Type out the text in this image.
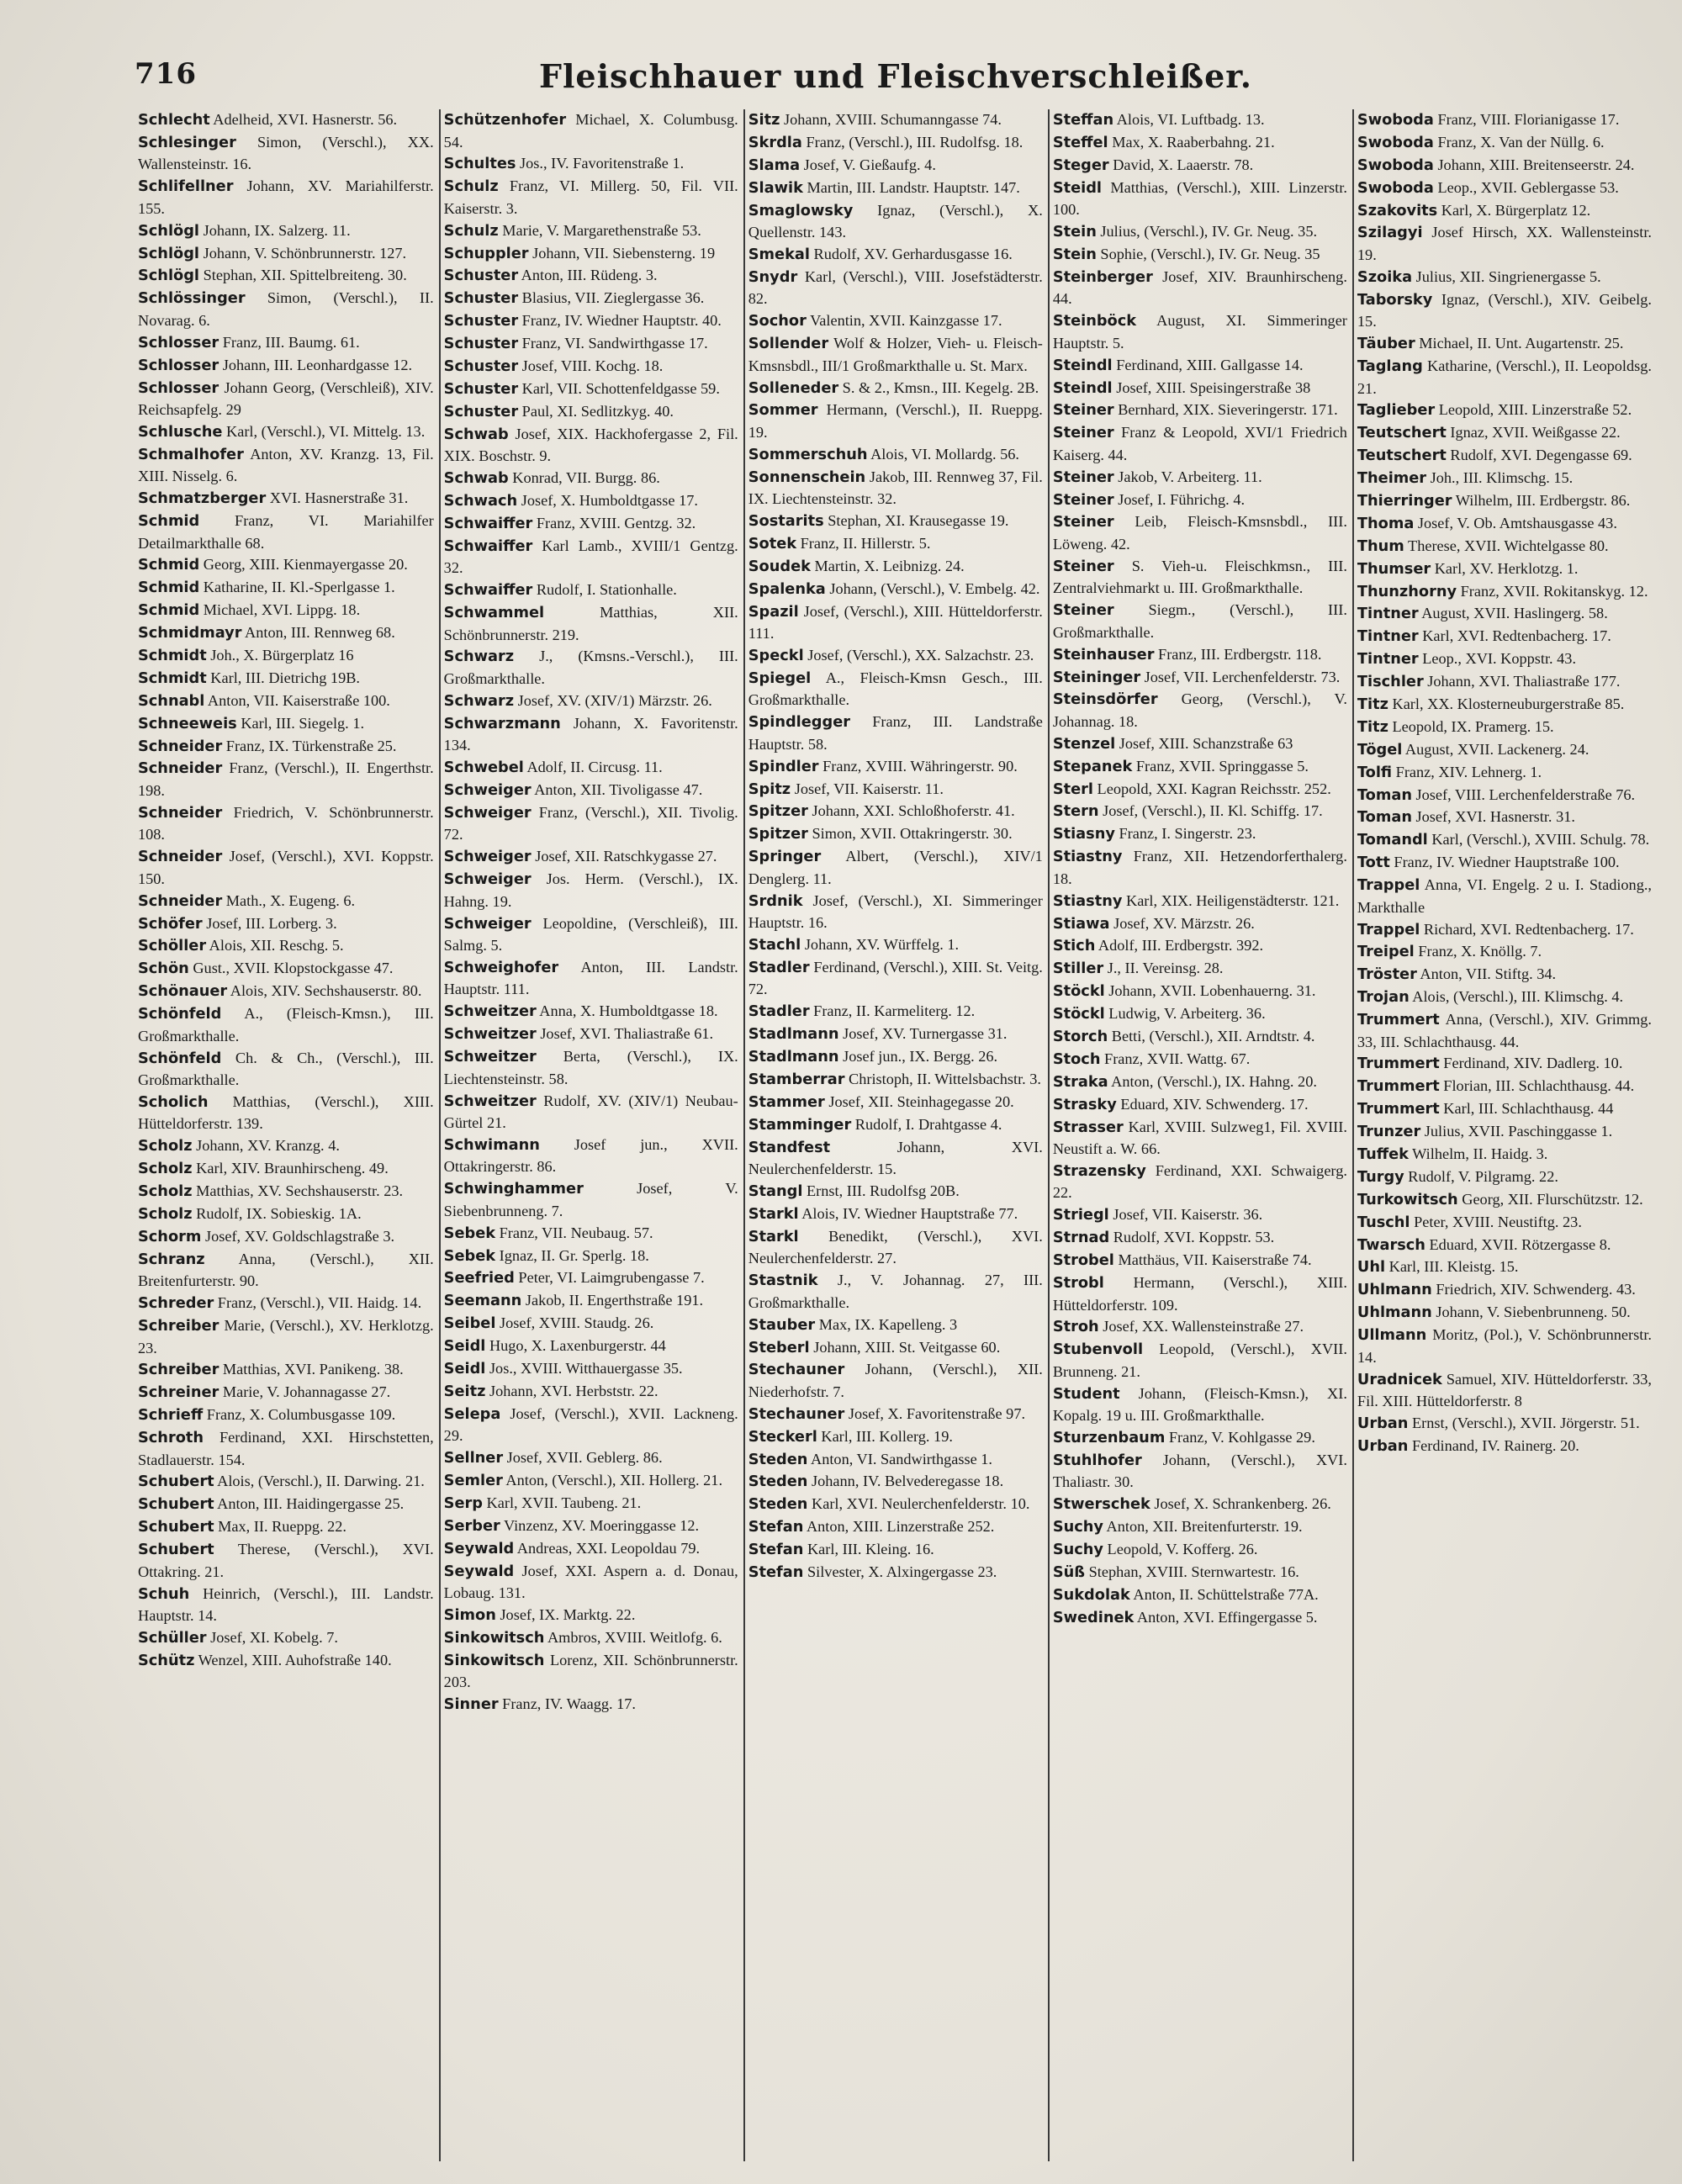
716	Fleischhauer und Fleischverschleißer.
Schlecht Adelheid, XVI. Hasnerstr. 56.
Schlesinger Simon, (Verschl.), XX. Wallensteinstr. 16.
Schlifellner Johann, XV. Mariahilferstr. 155.
Schlögl Johann, IX. Salzerg. 11.
Schlögl Johann, V. Schönbrunnerstr. 127.
Schlögl Stephan, XII. Spittelbreiteng. 30.
Schlössinger Simon, (Verschl.), II. Novarag. 6.
Schlosser Franz, III. Baumg. 61.
Schlosser Johann, III. Leonhardgasse 12.
Schlosser Johann Georg, (Verschleiß), XIV. Reichsapfelg. 29
Schlusche Karl, (Verschl.), VI. Mittelg. 13.
Schmalhofer Anton, XV. Kranzg. 13, Fil. XIII. Nisselg. 6.
Schmatzberger XVI. Hasnerstraße 31.
Schmid Franz, VI. Mariahilfer Detailmarkthalle 68.
Schmid Georg, XIII. Kienmayergasse 20.
Schmid Katharine, II. Kl.-Sperlgasse 1.
Schmid Michael, XVI. Lippg. 18.
Schmidmayr Anton, III. Rennweg 68.
Schmidt Joh., X. Bürgerplatz 16
Schmidt Karl, III. Dietrichg 19B.
Schnabl Anton, VII. Kaiserstraße 100.
Schneeweis Karl, III. Siegelg. 1.
Schneider Franz, IX. Türkenstraße 25.
Schneider Franz, (Verschl.), II. Engerthstr. 198.
Schneider Friedrich, V. Schönbrunnerstr. 108.
Schneider Josef, (Verschl.), XVI. Koppstr. 150.
Schneider Math., X. Eugeng. 6.
Schöfer Josef, III. Lorberg. 3.
Schöller Alois, XII. Reschg. 5.
Schön Gust., XVII. Klopstockgasse 47.
Schönauer Alois, XIV. Sechshauserstr. 80.
Schönfeld A., (Fleisch-Kmsn.), III. Großmarkthalle.
Schönfeld Ch. & Ch., (Verschl.), III. Großmarkthalle.
Scholich Matthias, (Verschl.), XIII. Hütteldorferstr. 139.
Scholz Johann, XV. Kranzg. 4.
Scholz Karl, XIV. Braunhirscheng. 49.
Scholz Matthias, XV. Sechshauserstr. 23.
Scholz Rudolf, IX. Sobieskig. 1A.
Schorm Josef, XV. Goldschlagstraße 3.
Schranz Anna, (Verschl.), XII. Breitenfurterstr. 90.
Schreder Franz, (Verschl.), VII. Haidg. 14.
Schreiber Marie, (Verschl.), XV. Herklotzg. 23.
Schreiber Matthias, XVI. Panikeng. 38.
Schreiner Marie, V. Johannagasse 27.
Schrieff Franz, X. Columbusgasse 109.
Schroth Ferdinand, XXI. Hirschstetten, Stadlauerstr. 154.
Schubert Alois, (Verschl.), II. Darwing. 21.
Schubert Anton, III. Haidingergasse 25.
Schubert Max, II. Rueppg. 22.
Schubert Therese, (Verschl.), XVI. Ottakring. 21.
Schuh Heinrich, (Verschl.), III. Landstr. Hauptstr. 14.
Schüller Josef, XI. Kobelg. 7.
Schütz Wenzel, XIII. Auhofstraße 140.
Schützenhofer Michael, X. Columbusg. 54.
Schultes Jos., IV. Favoritenstraße 1.
Schulz Franz, VI. Millerg. 50, Fil. VII. Kaiserstr. 3.
Schulz Marie, V. Margarethenstraße 53.
Schuppler Johann, VII. Siebensterng. 19
Schuster Anton, III. Rüdeng. 3.
Schuster Blasius, VII. Zieglergasse 36.
Schuster Franz, IV. Wiedner Hauptstr. 40.
Schuster Franz, VI. Sandwirthgasse 17.
Schuster Josef, VIII. Kochg. 18.
Schuster Karl, VII. Schottenfeldgasse 59.
Schuster Paul, XI. Sedlitzkyg. 40.
Schwab Josef, XIX. Hackhofergasse 2, Fil. XIX. Boschstr. 9.
Schwab Konrad, VII. Burgg. 86.
Schwach Josef, X. Humboldtgasse 17.
Schwaiffer Franz, XVIII. Gentzg. 32.
Schwaiffer Karl Lamb., XVIII/1 Gentzg. 32.
Schwaiffer Rudolf, I. Stationhalle.
Schwammel Matthias, XII. Schönbrunnerstr. 219.
Schwarz J., (Kmsns.-Verschl.), III. Großmarkthalle.
Schwarz Josef, XV. (XIV/1) Märzstr. 26.
Schwarzmann Johann, X. Favoritenstr. 134.
Schwebel Adolf, II. Circusg. 11.
Schweiger Anton, XII. Tivoligasse 47.
Schweiger Franz, (Verschl.), XII. Tivolig. 72.
Schweiger Josef, XII. Ratschkygasse 27.
Schweiger Jos. Herm. (Verschl.), IX. Hahng. 19.
Schweiger Leopoldine, (Verschleiß), III. Salmg. 5.
Schweighofer Anton, III. Landstr. Hauptstr. 111.
Schweitzer Anna, X. Humboldtgasse 18.
Schweitzer Josef, XVI. Thaliastraße 61.
Schweitzer Berta, (Verschl.), IX. Liechtensteinstr. 58.
Schweitzer Rudolf, XV. (XIV/1) Neubau-Gürtel 21.
Schwimann Josef jun., XVII. Ottakringerstr. 86.
Schwinghammer Josef, V. Siebenbrunneng. 7.
Sebek Franz, VII. Neubaug. 57.
Sebek Ignaz, II. Gr. Sperlg. 18.
Seefried Peter, VI. Laimgrubengasse 7.
Seemann Jakob, II. Engerthstraße 191.
Seibel Josef, XVIII. Staudg. 26.
Seidl Hugo, X. Laxenburgerstr. 44
Seidl Jos., XVIII. Witthauergasse 35.
Seitz Johann, XVI. Herbststr. 22.
Selepa Josef, (Verschl.), XVII. Lackneng. 29.
Sellner Josef, XVII. Geblerg. 86.
Semler Anton, (Verschl.), XII. Hollerg. 21.
Serp Karl, XVII. Taubeng. 21.
Serber Vinzenz, XV. Moeringgasse 12.
Seywald Andreas, XXI. Leopoldau 79.
Seywald Josef, XXI. Aspern a. d. Donau, Lobaug. 131.
Simon Josef, IX. Marktg. 22.
Sinkowitsch Ambros, XVIII. Weitlofg. 6.
Sinkowitsch Lorenz, XII. Schönbrunnerstr. 203.
Sinner Franz, IV. Waagg. 17.
Sitz Johann, XVIII. Schumanngasse 74.
Skrdla Franz, (Verschl.), III. Rudolfsg. 18.
Slama Josef, V. Gießaufg. 4.
Slawik Martin, III. Landstr. Hauptstr. 147.
Smaglowsky Ignaz, (Verschl.), X. Quellenstr. 143.
Smekal Rudolf, XV. Gerhardusgasse 16.
Snydr Karl, (Verschl.), VIII. Josefstädterstr. 82.
Sochor Valentin, XVII. Kainzgasse 17.
Sollender Wolf & Holzer, Vieh- u. Fleisch-Kmsnsbdl., III/1 Großmarkthalle u. St. Marx.
Solleneder S. & 2., Kmsn., III. Kegelg. 2B.
Sommer Hermann, (Verschl.), II. Rueppg. 19.
Sommerschuh Alois, VI. Mollardg. 56.
Sonnenschein Jakob, III. Rennweg 37, Fil. IX. Liechtensteinstr. 32.
Sostarits Stephan, XI. Krausegasse 19.
Sotek Franz, II. Hillerstr. 5.
Soudek Martin, X. Leibnizg. 24.
Spalenka Johann, (Verschl.), V. Embelg. 42.
Spazil Josef, (Verschl.), XIII. Hütteldorferstr. 111.
Speckl Josef, (Verschl.), XX. Salzachstr. 23.
Spiegel A., Fleisch-Kmsn Gesch., III. Großmarkthalle.
Spindlegger Franz, III. Landstraße Hauptstr. 58.
Spindler Franz, XVIII. Währingerstr. 90.
Spitz Josef, VII. Kaiserstr. 11.
Spitzer Johann, XXI. Schloßhoferstr. 41.
Spitzer Simon, XVII. Ottakringerstr. 30.
Springer Albert, (Verschl.), XIV/1 Denglerg. 11.
Srdnik Josef, (Verschl.), XI. Simmeringer Hauptstr. 16.
Stachl Johann, XV. Würffelg. 1.
Stadler Ferdinand, (Verschl.), XIII. St. Veitg. 72.
Stadler Franz, II. Karmeliterg. 12.
Stadlmann Josef, XV. Turnergasse 31.
Stadlmann Josef jun., IX. Bergg. 26.
Stamberrar Christoph, II. Wittelsbachstr. 3.
Stammer Josef, XII. Steinhagegasse 20.
Stamminger Rudolf, I. Drahtgasse 4.
Standfest Johann, XVI. Neulerchenfelderstr. 15.
Stangl Ernst, III. Rudolfsg 20B.
Starkl Alois, IV. Wiedner Hauptstraße 77.
Starkl Benedikt, (Verschl.), XVI. Neulerchenfelderstr. 27.
Stastnik J., V. Johannag. 27, III. Großmarkthalle.
Stauber Max, IX. Kapelleng. 3
Steberl Johann, XIII. St. Veitgasse 60.
Stechauner Johann, (Verschl.), XII. Niederhofstr. 7.
Stechauner Josef, X. Favoritenstraße 97.
Steckerl Karl, III. Kollerg. 19.
Steden Anton, VI. Sandwirthgasse 1.
Steden Johann, IV. Belvederegasse 18.
Steden Karl, XVI. Neulerchenfelderstr. 10.
Stefan Anton, XIII. Linzerstraße 252.
Stefan Karl, III. Kleing. 16.
Stefan Silvester, X. Alxingergasse 23.
Steffan Alois, VI. Luftbadg. 13.
Steffel Max, X. Raaberbahng. 21.
Steger David, X. Laaerstr. 78.
Steidl Matthias, (Verschl.), XIII. Linzerstr. 100.
Stein Julius, (Verschl.), IV. Gr. Neug. 35.
Stein Sophie, (Verschl.), IV. Gr. Neug. 35
Steinberger Josef, XIV. Braunhirscheng. 44.
Steinböck August, XI. Simmeringer Hauptstr. 5.
Steindl Ferdinand, XIII. Gallgasse 14.
Steindl Josef, XIII. Speisingerstraße 38
Steiner Bernhard, XIX. Sieveringerstr. 171.
Steiner Franz & Leopold, XVI/1 Friedrich Kaiserg. 44.
Steiner Jakob, V. Arbeiterg. 11.
Steiner Josef, I. Führichg. 4.
Steiner Leib, Fleisch-Kmsnsbdl., III. Löweng. 42.
Steiner S. Vieh-u. Fleischkmsn., III. Zentralviehmarkt u. III. Großmarkthalle.
Steiner Siegm., (Verschl.), III. Großmarkthalle.
Steinhauser Franz, III. Erdbergstr. 118.
Steininger Josef, VII. Lerchenfelderstr. 73.
Steinsdörfer Georg, (Verschl.), V. Johannag. 18.
Stenzel Josef, XIII. Schanzstraße 63
Stepanek Franz, XVII. Springgasse 5.
Sterl Leopold, XXI. Kagran Reichsstr. 252.
Stern Josef, (Verschl.), II. Kl. Schiffg. 17.
Stiasny Franz, I. Singerstr. 23.
Stiastny Franz, XII. Hetzendorferthalerg. 18.
Stiastny Karl, XIX. Heiligenstädterstr. 121.
Stiawa Josef, XV. Märzstr. 26.
Stich Adolf, III. Erdbergstr. 392.
Stiller J., II. Vereinsg. 28.
Stöckl Johann, XVII. Lobenhauerng. 31.
Stöckl Ludwig, V. Arbeiterg. 36.
Storch Betti, (Verschl.), XII. Arndtstr. 4.
Stoch Franz, XVII. Wattg. 67.
Straka Anton, (Verschl.), IX. Hahng. 20.
Strasky Eduard, XIV. Schwenderg. 17.
Strasser Karl, XVIII. Sulzweg1, Fil. XVIII. Neustift a. W. 66.
Strazensky Ferdinand, XXI. Schwaigerg. 22.
Striegl Josef, VII. Kaiserstr. 36.
Strnad Rudolf, XVI. Koppstr. 53.
Strobel Matthäus, VII. Kaiserstraße 74.
Strobl Hermann, (Verschl.), XIII. Hütteldorferstr. 109.
Stroh Josef, XX. Wallensteinstraße 27.
Stubenvoll Leopold, (Verschl.), XVII. Brunneng. 21.
Student Johann, (Fleisch-Kmsn.), XI. Kopalg. 19 u. III. Großmarkthalle.
Sturzenbaum Franz, V. Kohlgasse 29.
Stuhlhofer Johann, (Verschl.), XVI. Thaliastr. 30.
Stwerschek Josef, X. Schrankenberg. 26.
Suchy Anton, XII. Breitenfurterstr. 19.
Suchy Leopold, V. Kofferg. 26.
Süß Stephan, XVIII. Sternwartestr. 16.
Sukdolak Anton, II. Schüttelstraße 77A.
Swedinek Anton, XVI. Effingergasse 5.
Swoboda Franz, VIII. Florianigasse 17.
Swoboda Franz, X. Van der Nüllg. 6.
Swoboda Johann, XIII. Breitenseerstr. 24.
Swoboda Leop., XVII. Geblergasse 53.
Szakovits Karl, X. Bürgerplatz 12.
Szilagyi Josef Hirsch, XX. Wallensteinstr. 19.
Szoika Julius, XII. Singrienergasse 5.
Taborsky Ignaz, (Verschl.), XIV. Geibelg. 15.
Täuber Michael, II. Unt. Augartenstr. 25.
Taglang Katharine, (Verschl.), II. Leopoldsg. 21.
Taglieber Leopold, XIII. Linzerstraße 52.
Teutschert Ignaz, XVII. Weißgasse 22.
Teutschert Rudolf, XVI. Degengasse 69.
Theimer Joh., III. Klimschg. 15.
Thierringer Wilhelm, III. Erdbergstr. 86.
Thoma Josef, V. Ob. Amtshausgasse 43.
Thum Therese, XVII. Wichtelgasse 80.
Thumser Karl, XV. Herklotzg. 1.
Thunzhorny Franz, XVII. Rokitanskyg. 12.
Tintner August, XVII. Haslingerg. 58.
Tintner Karl, XVI. Redtenbacherg. 17.
Tintner Leop., XVI. Koppstr. 43.
Tischler Johann, XVI. Thaliastraße 177.
Titz Karl, XX. Klosterneuburgerstraße 85.
Titz Leopold, IX. Pramerg. 15.
Tögel August, XVII. Lackenerg. 24.
Tolfi Franz, XIV. Lehnerg. 1.
Toman Josef, VIII. Lerchenfelderstraße 76.
Toman Josef, XVI. Hasnerstr. 31.
Tomandl Karl, (Verschl.), XVIII. Schulg. 78.
Tott Franz, IV. Wiedner Hauptstraße 100.
Trappel Anna, VI. Engelg. 2 u. I. Stadiong., Markthalle
Trappel Richard, XVI. Redtenbacherg. 17.
Treipel Franz, X. Knöllg. 7.
Tröster Anton, VII. Stiftg. 34.
Trojan Alois, (Verschl.), III. Klimschg. 4.
Trummert Anna, (Verschl.), XIV. Grimmg. 33, III. Schlachthausg. 44.
Trummert Ferdinand, XIV. Dadlerg. 10.
Trummert Florian, III. Schlachthausg. 44.
Trummert Karl, III. Schlachthausg. 44
Trunzer Julius, XVII. Paschinggasse 1.
Tuffek Wilhelm, II. Haidg. 3.
Turgy Rudolf, V. Pilgramg. 22.
Turkowitsch Georg, XII. Flurschützstr. 12.
Tuschl Peter, XVIII. Neustiftg. 23.
Twarsch Eduard, XVII. Rötzergasse 8.
Uhl Karl, III. Kleistg. 15.
Uhlmann Friedrich, XIV. Schwenderg. 43.
Uhlmann Johann, V. Siebenbrunneng. 50.
Ullmann Moritz, (Pol.), V. Schönbrunnerstr. 14.
Uradnicek Samuel, XIV. Hütteldorferstr. 33, Fil. XIII. Hütteldorferstr. 8
Urban Ernst, (Verschl.), XVII. Jörgerstr. 51.
Urban Ferdinand, IV. Rainerg. 20.
